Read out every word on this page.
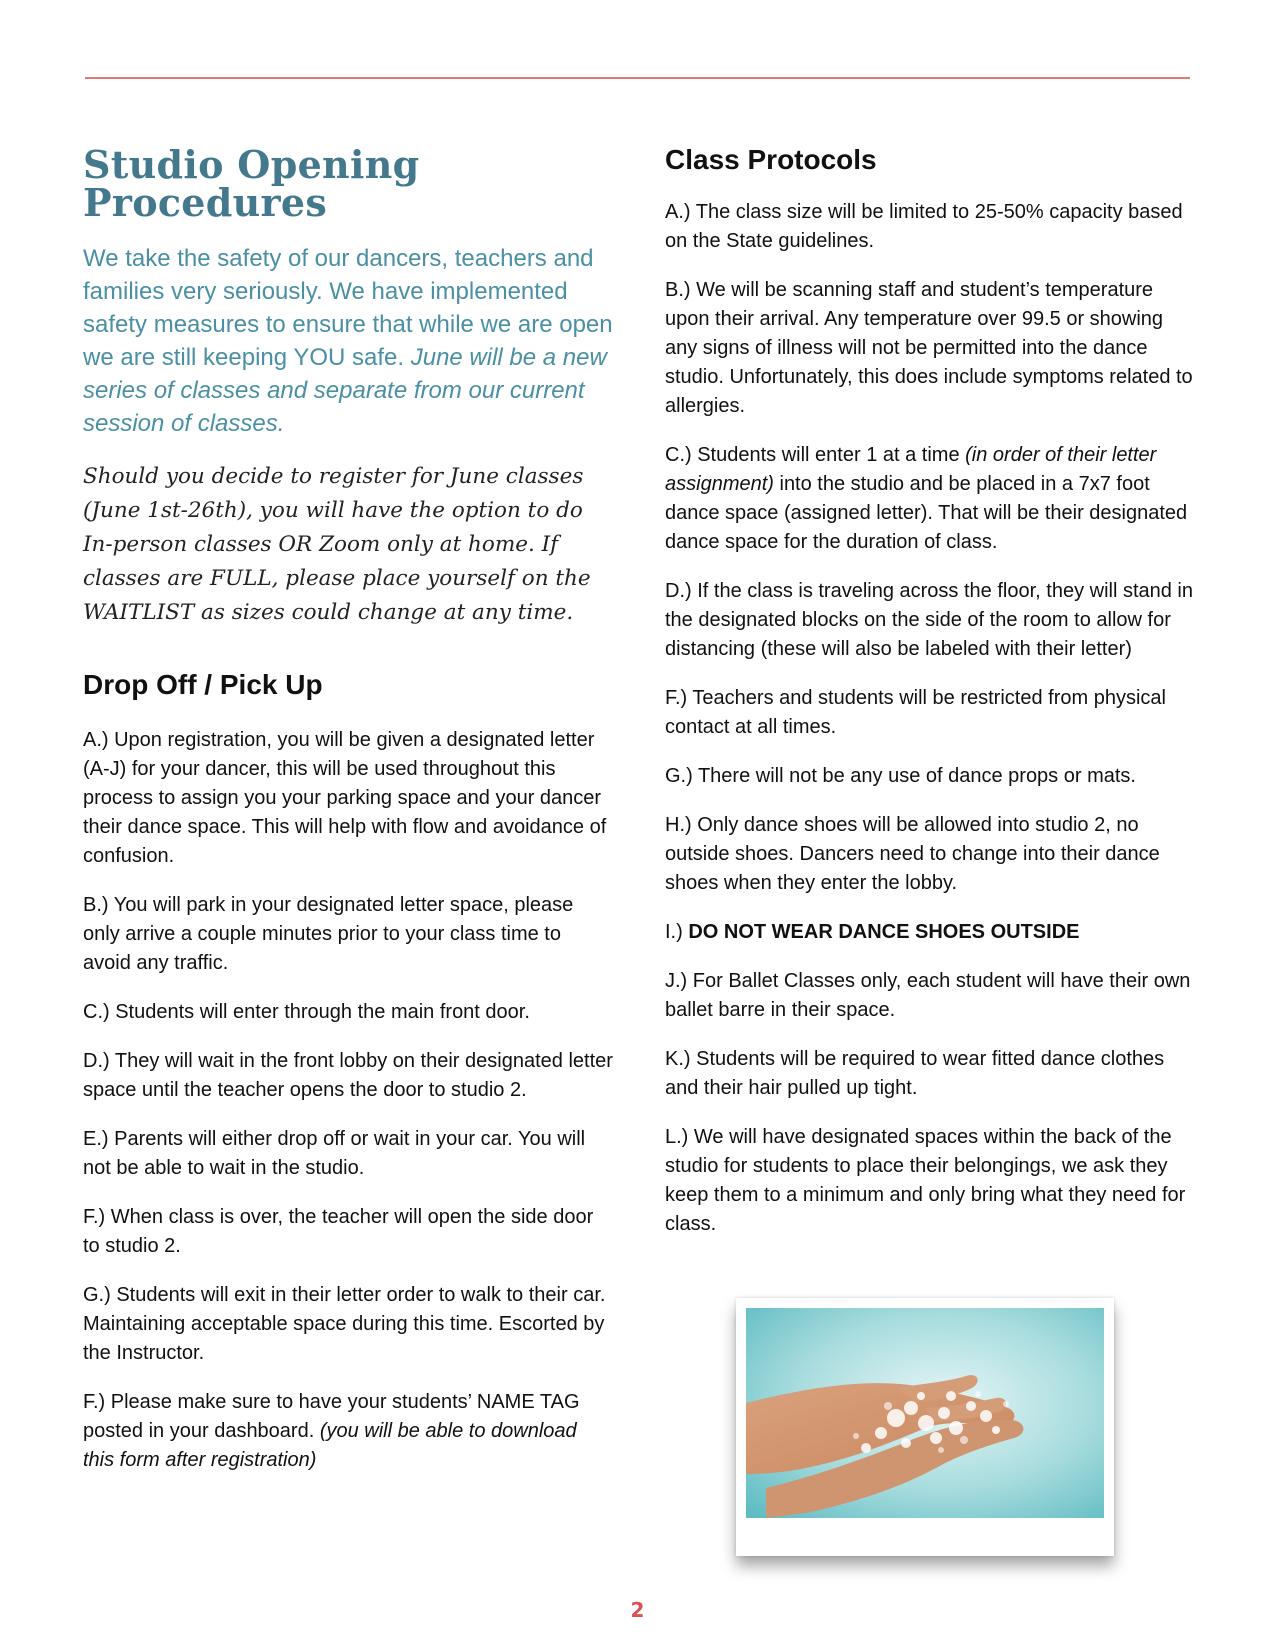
Studio Opening
Procedures

We take the safety of our dancers, teachers and families very seriously. We have implemented safety measures to ensure that while we are open we are still keeping YOU safe. June will be a new series of classes and separate from our current session of classes.

Should you decide to register for June classes (June 1st-26th), you will have the option to do In-person classes OR Zoom only at home. If classes are FULL, please place yourself on the WAITLIST as sizes could change at any time.

Drop Off / Pick Up

A.) Upon registration, you will be given a designated letter (A-J) for your dancer, this will be used throughout this process to assign you your parking space and your dancer their dance space. This will help with flow and avoidance of confusion.

B.) You will park in your designated letter space, please only arrive a couple minutes prior to your class time to avoid any traffic.

C.) Students will enter through the main front door.

D.) They will wait in the front lobby on their designated letter space until the teacher opens the door to studio 2.

E.) Parents will either drop off or wait in your car. You will not be able to wait in the studio.

F.) When class is over, the teacher will open the side door to studio 2.

G.) Students will exit in their letter order to walk to their car. Maintaining acceptable space during this time. Escorted by the Instructor.

F.) Please make sure to have your students’ NAME TAG posted in your dashboard. (you will be able to download this form after registration)

Class Protocols

A.) The class size will be limited to 25-50% capacity based on the State guidelines.

B.) We will be scanning staff and student’s temperature upon their arrival. Any temperature over 99.5 or showing any signs of illness will not be permitted into the dance studio. Unfortunately, this does include symptoms related to allergies.

C.) Students will enter 1 at a time (in order of their letter assignment) into the studio and be placed in a 7x7 foot dance space (assigned letter). That will be their designated dance space for the duration of class.

D.) If the class is traveling across the floor, they will stand in the designated blocks on the side of the room to allow for distancing (these will also be labeled with their letter)

F.) Teachers and students will be restricted from physical contact at all times.

G.) There will not be any use of dance props or mats.

H.) Only dance shoes will be allowed into studio 2, no outside shoes. Dancers need to change into their dance shoes when they enter the lobby.

I.) DO NOT WEAR DANCE SHOES OUTSIDE

J.) For Ballet Classes only, each student will have their own ballet barre in their space.

K.) Students will be required to wear fitted dance clothes and their hair pulled up tight.

L.) We will have designated spaces within the back of the studio for students to place their belongings, we ask they keep them to a minimum and only bring what they need for class.

2
